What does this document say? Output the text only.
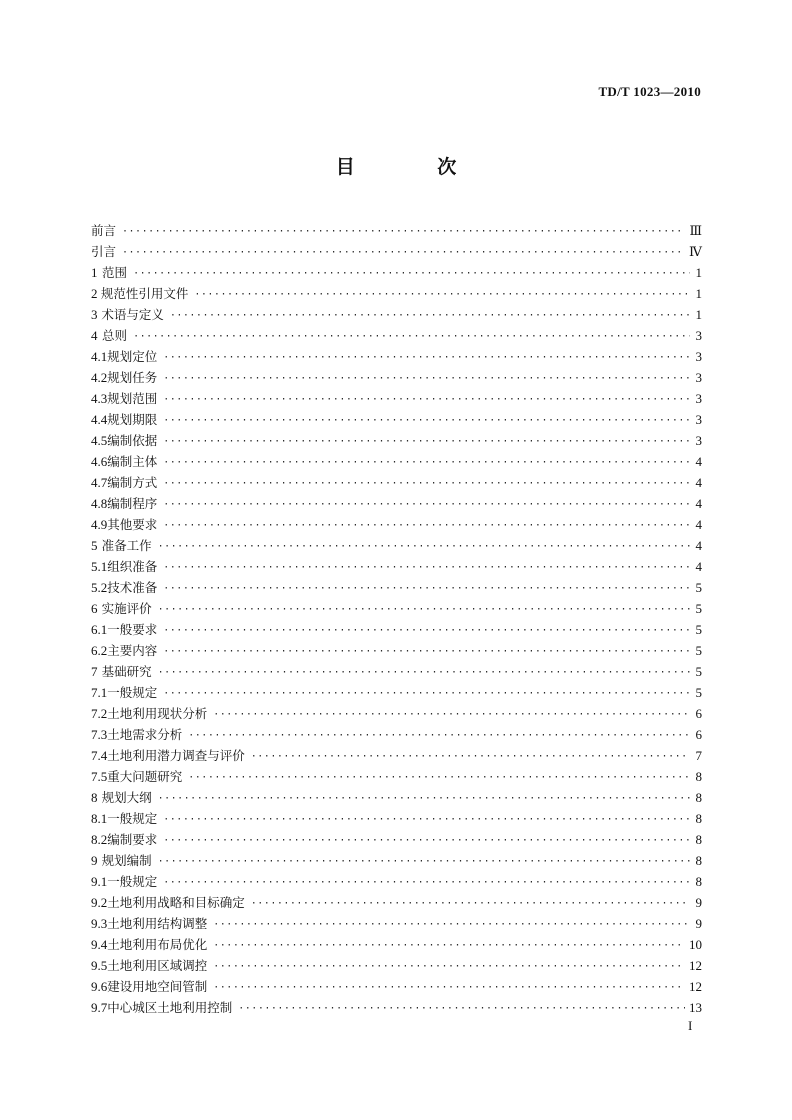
TD/T 1023—2010
目 次
前言 ·····	Ⅲ
引言 ·····	Ⅳ
1 范围 ·····	1
2 规范性引用文件 ·····	1
3 术语与定义 ·····	1
4 总则 ·····	3
4.1 规划定位 ·····	3
4.2 规划任务 ·····	3
4.3 规划范围 ·····	3
4.4 规划期限 ·····	3
4.5 编制依据 ·····	3
4.6 编制主体 ·····	4
4.7 编制方式 ·····	4
4.8 编制程序 ·····	4
4.9 其他要求 ·····	4
5 准备工作 ·····	4
5.1 组织准备 ·····	4
5.2 技术准备 ·····	5
6 实施评价 ·····	5
6.1 一般要求 ·····	5
6.2 主要内容 ·····	5
7 基础研究 ·····	5
7.1 一般规定 ·····	5
7.2 土地利用现状分析 ·····	6
7.3 土地需求分析 ·····	6
7.4 土地利用潜力调查与评价 ·····	7
7.5 重大问题研究 ·····	8
8 规划大纲 ·····	8
8.1 一般规定 ·····	8
8.2 编制要求 ·····	8
9 规划编制 ·····	8
9.1 一般规定 ·····	8
9.2 土地利用战略和目标确定 ·····	9
9.3 土地利用结构调整 ·····	9
9.4 土地利用布局优化 ·····	10
9.5 土地利用区域调控 ·····	12
9.6 建设用地空间管制 ·····	12
9.7 中心城区土地利用控制 ·····	13
I
